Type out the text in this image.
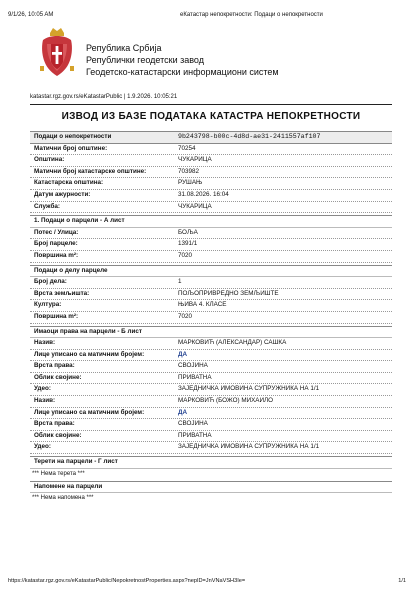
9/1/26, 10:05 AM	еКатастар непокретности: Подаци о непокретности
Република Србија
Републички геодетски завод
Геодетско-катастарски информациони систем
katastar.rgz.gov.rs/eKatastarPublic | 1.9.2026. 10:05:21
ИЗВОД ИЗ БАЗЕ ПОДАТАКА КАТАСТРА НЕПОКРЕТНОСТИ
Подаци о непокретности	9b243798-b00c-4d8d-ae31-2411557af107
Матични број општине:	70254
Општина:	ЧУКАРИЦА
Матични број катастарске општине:	703982
Катастарска општина:	РУШАЊ
Датум ажурности:	31.08.2026. 16:04
Служба:	ЧУКАРИЦА
1. Подаци о парцели - А лист
Потес / Улица:	БОЉА
Број парцеле:	1391/1
Површина m²:	7020
Подаци о делу парцеле
Број дела:	1
Врста земљишта:	ПОЉОПРИВРЕДНО ЗЕМЉИШТЕ
Култура:	ЊИВА 4. КЛАСЕ
Површина m²:	7020
Имаоци права на парцели - Б лист
Назив:	МАРКОВИЋ (АЛЕКСАНДАР) САШКА
Лице уписано са матичним бројем:	ДА
Врста права:	СВОЈИНА
Облик својине:	ПРИВАТНА
Удео:	ЗАЈЕДНИЧКА ИМОВИНА СУПРУЖНИКА НА 1/1
Назив:	МАРКОВИЋ (БОЖО) МИХАИЛО
Лице уписано са матичним бројем:	ДА
Врста права:	СВОЈИНА
Облик својине:	ПРИВАТНА
Удео:	ЗАЈЕДНИЧКА ИМОВИНА СУПРУЖНИКА НА 1/1
Терети на парцели - Г лист
*** Нема терета ***
Напомене на парцели
*** Нема напомена ***
https://katastar.rgz.gov.rs/eKatastarPublic/NepokretnostProperties.aspx?nepID=JnVNaVSH3Ie=	1/1
